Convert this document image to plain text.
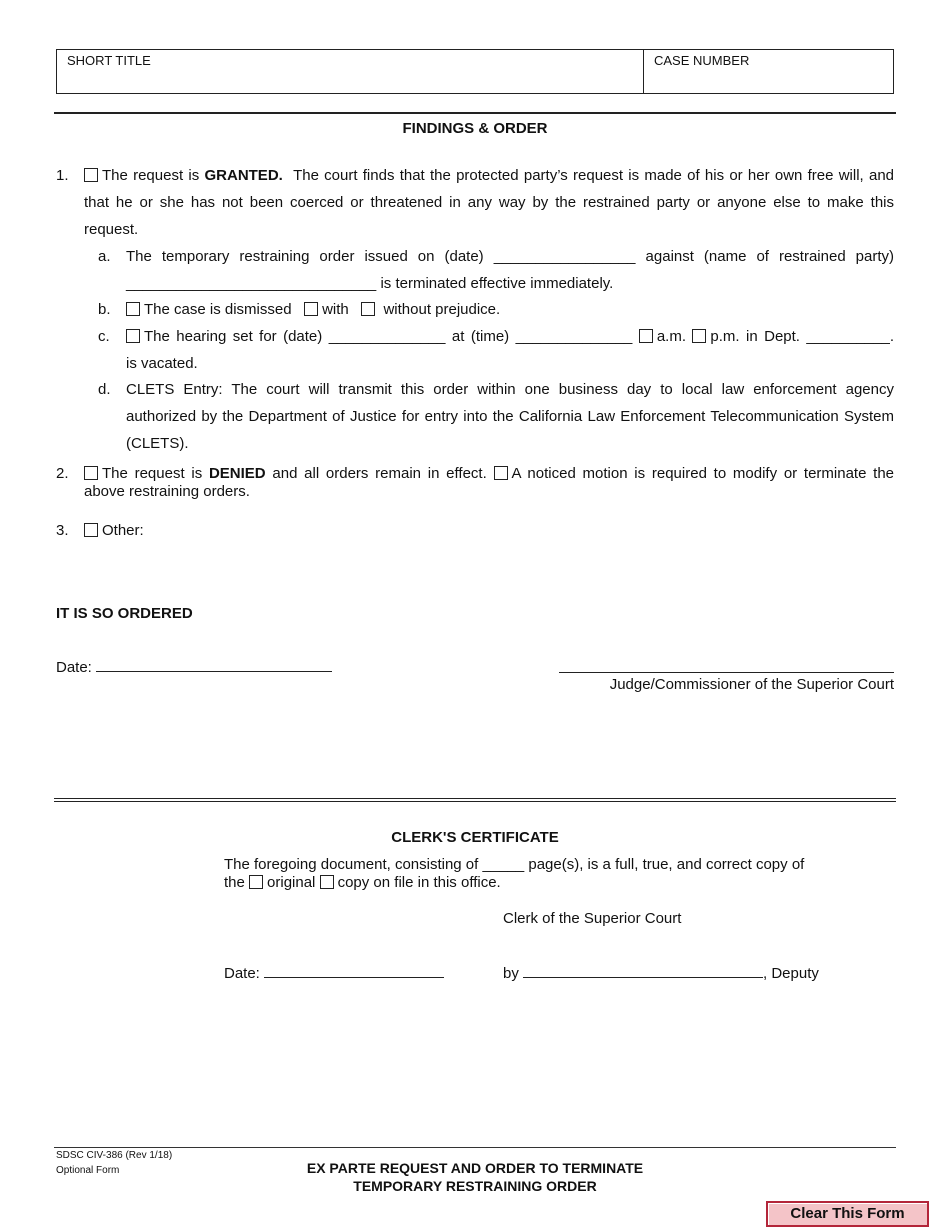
SHORT TITLE	CASE NUMBER
FINDINGS & ORDER
1.	The request is GRANTED. The court finds that the protected party’s request is made of his or her own free will, and
that he or she has not been coerced or threatened in any way by the restrained party or anyone else to make this
request.
a. The temporary restraining order issued on (date) _________________ against (name of restrained party)
______________________________ is terminated effective immediately.
b.	The case is dismissed with without prejudice.
c.	The hearing set for (date) ______________ at (time) ______________ a.m. p.m. in Dept. __________.
is vacated.
d. CLETS Entry: The court will transmit this order within one business day to local law enforcement agency
authorized by the Department of Justice for entry into the California Law Enforcement Telecommunication System
(CLETS).
2.	The request is DENIED and all orders remain in effect. A noticed motion is required to modify or terminate the
above restraining orders.
3.	Other:
IT IS SO ORDERED
Date:
Judge/Commissioner of the Superior Court
CLERK'S CERTIFICATE
The foregoing document, consisting of _____ page(s), is a full, true, and correct copy of
the original copy on file in this office.
Clerk of the Superior Court
Date:	by	, Deputy
SDSC CIV-386 (Rev 1/18)
Optional Form	EX PARTE REQUEST AND ORDER TO TERMINATE
TEMPORARY RESTRAINING ORDER
Clear This Form
